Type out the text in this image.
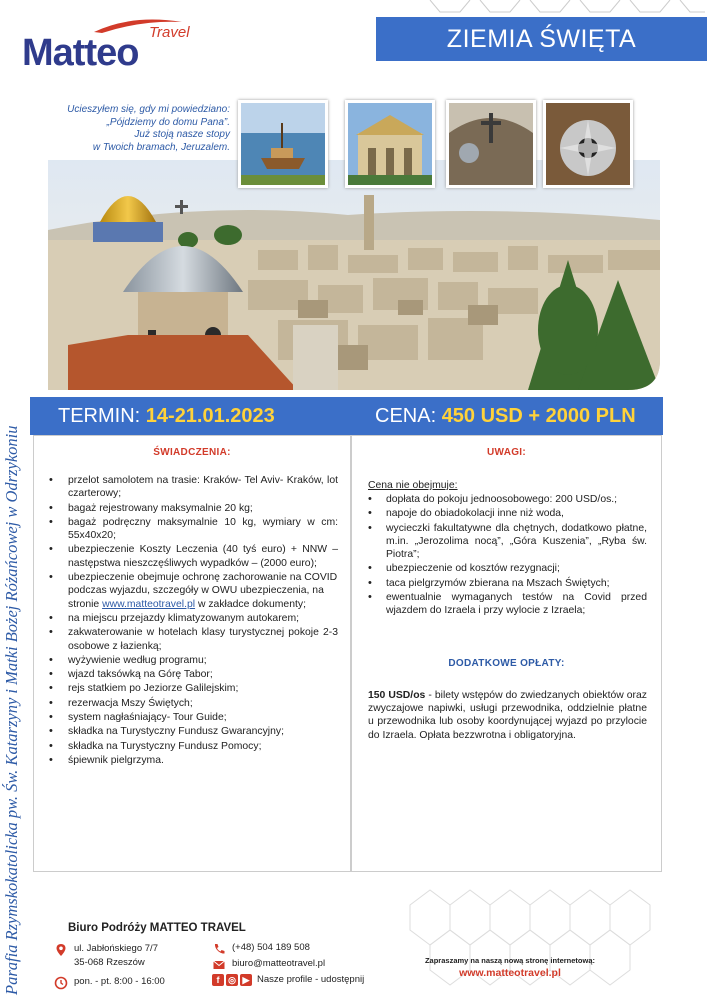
Parafia Rzymskokatolicka pw. Św. Katarzyny i Matki Bożej Różańcowej w Odrzykoniu
Matteo Travel	ZIEMIA ŚWIĘTA
Ucieszyłem się, gdy mi powiedziano:
„Pójdziemy do domu Pana”.
Już stoją nasze stopy
w Twoich bramach, Jeruzalem.
TERMIN: 14-21.01.2023	CENA: 450 USD + 2000 PLN
ŚWIADCZENIA:
• przelot samolotem na trasie: Kraków- Tel Aviv- Kraków, lot czarterowy;
• bagaż rejestrowany maksymalnie 20 kg;
• bagaż podręczny maksymalnie 10 kg, wymiary w cm: 55x40x20;
• ubezpieczenie Koszty Leczenia (40 tyś euro) + NNW – następstwa nieszczęśliwych wypadków – (2000 euro);
• ubezpieczenie obejmuje ochronę zachorowanie na COVID podczas wyjazdu, szczegóły w OWU ubezpieczenia, na stronie www.matteotravel.pl w zakładce dokumenty;
• na miejscu przejazdy klimatyzowanym autokarem;
• zakwaterowanie w hotelach klasy turystycznej pokoje 2-3 osobowe z łazienką;
• wyżywienie według programu;
• wjazd taksówką na Górę Tabor;
• rejs statkiem po Jeziorze Galilejskim;
• rezerwacja Mszy Świętych;
• system nagłaśniający- Tour Guide;
• składka na Turystyczny Fundusz Gwarancyjny;
• składka na Turystyczny Fundusz Pomocy;
• śpiewnik pielgrzyma.
UWAGI:
Cena nie obejmuje:
• dopłata do pokoju jednoosobowego: 200 USD/os.;
• napoje do obiadokolacji inne niż woda,
• wycieczki fakultatywne dla chętnych, dodatkowo płatne, m.in. „Jerozolima nocą”, „Góra Kuszenia”, „Ryba św. Piotra”;
• ubezpieczenie od kosztów rezygnacji;
• taca pielgrzymów zbierana na Mszach Świętych;
• ewentualnie wymaganych testów na Covid przed wjazdem do Izraela i przy wylocie z Izraela;
DODATKOWE OPŁATY:
150 USD/os - bilety wstępów do zwiedzanych obiektów oraz zwyczajowe napiwki, usługi przewodnika, oddzielnie płatne u przewodnika lub osoby koordynującej wyjazd po przylocie do Izraela. Opłata bezzwrotna i obligatoryjna.
Biuro Podróży MATTEO TRAVEL
ul. Jabłońskiego 7/7
35-068 Rzeszów
pon. - pt. 8:00 - 16:00
(+48) 504 189 508
biuro@matteotravel.pl
f ◎ ▶ Nasze profile - udostępnij
Zapraszamy na naszą nową stronę internetową:
www.matteotravel.pl
